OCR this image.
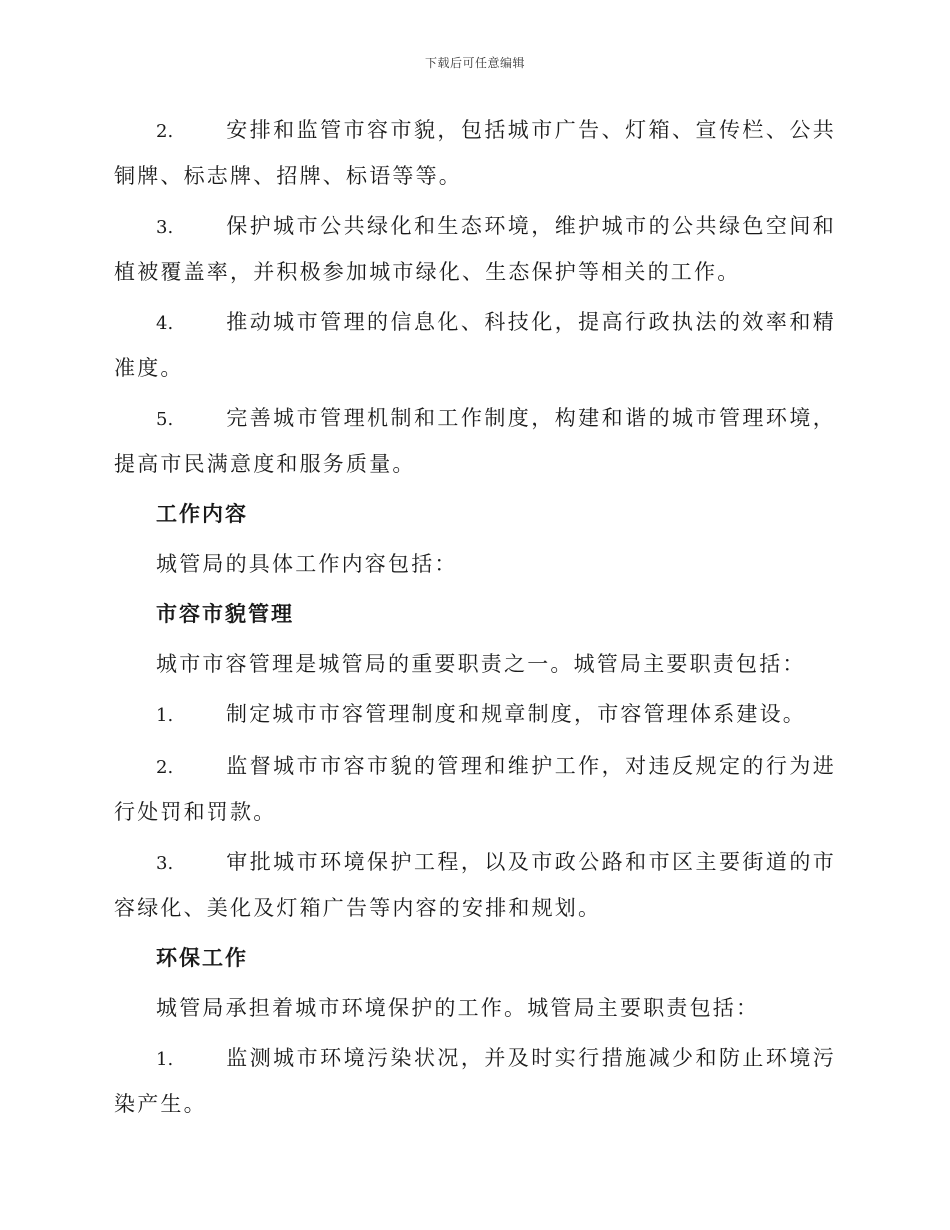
下载后可任意编辑

2.	安排和监管市容市貌，包括城市广告、灯箱、宣传栏、公共铜牌、标志牌、招牌、标语等等。

3.	保护城市公共绿化和生态环境，维护城市的公共绿色空间和植被覆盖率，并积极参加城市绿化、生态保护等相关的工作。

4.	推动城市管理的信息化、科技化，提高行政执法的效率和精准度。

5.	完善城市管理机制和工作制度，构建和谐的城市管理环境，提高市民满意度和服务质量。

工作内容

城管局的具体工作内容包括：

市容市貌管理

城市市容管理是城管局的重要职责之一。城管局主要职责包括：

1.	制定城市市容管理制度和规章制度，市容管理体系建设。

2.	监督城市市容市貌的管理和维护工作，对违反规定的行为进行处罚和罚款。

3.	审批城市环境保护工程，以及市政公路和市区主要街道的市容绿化、美化及灯箱广告等内容的安排和规划。

环保工作

城管局承担着城市环境保护的工作。城管局主要职责包括：

1.	监测城市环境污染状况，并及时实行措施减少和防止环境污染产生。
